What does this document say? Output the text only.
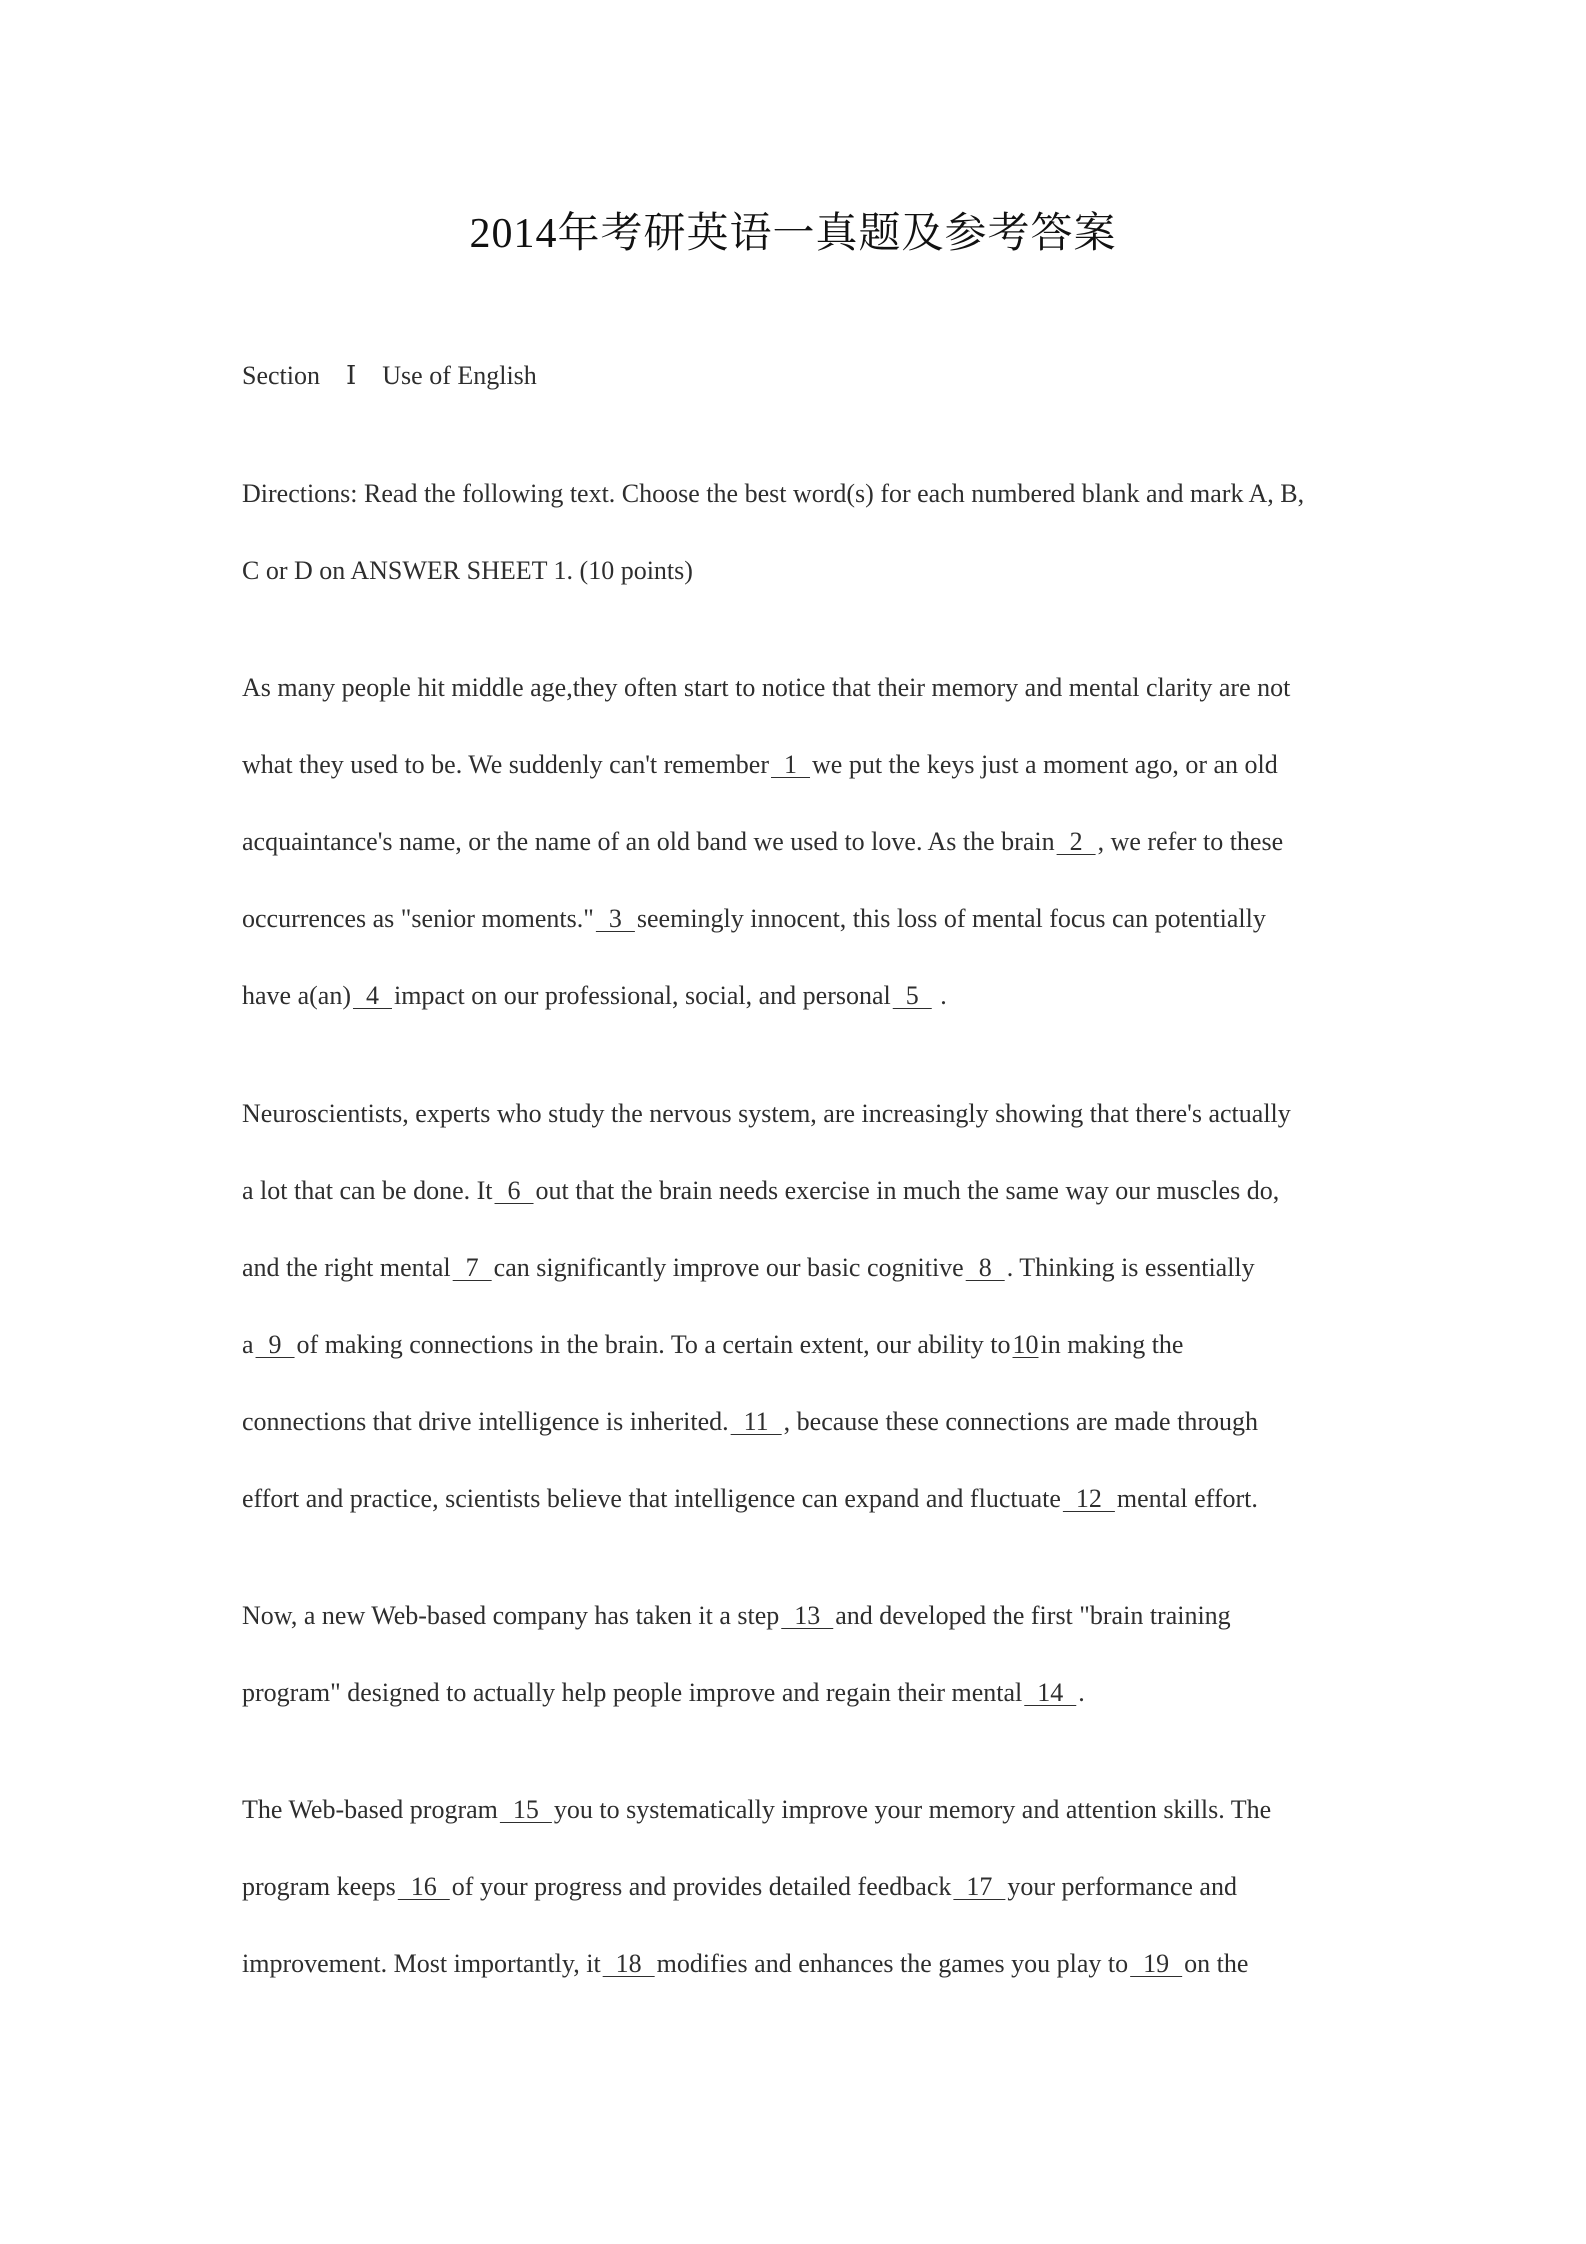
2014年考研英语一真题及参考答案
Section　Ⅰ　Use of English
Directions: Read the following text. Choose the best word(s) for each numbered blank and mark A, B,
C or D on ANSWER SHEET 1. (10 points)
As many people hit middle age,they often start to notice that their memory and mental clarity are not
what they used to be. We suddenly can't remember  1  we put the keys just a moment ago, or an old
acquaintance's name, or the name of an old band we used to love. As the brain  2  , we refer to these
occurrences as "senior moments."  3  seemingly innocent, this loss of mental focus can potentially
have a(an)  4  impact on our professional, social, and personal  5   .
Neuroscientists, experts who study the nervous system, are increasingly showing that there's actually
a lot that can be done. It  6  out that the brain needs exercise in much the same way our muscles do,
and the right mental  7  can significantly improve our basic cognitive  8  . Thinking is essentially
a  9  of making connections in the brain. To a certain extent, our ability to10in making the
connections that drive intelligence is inherited.  11  , because these connections are made through
effort and practice, scientists believe that intelligence can expand and fluctuate  12  mental effort.
Now, a new Web-based company has taken it a step  13  and developed the first "brain training
program" designed to actually help people improve and regain their mental  14  .
The Web-based program  15  you to systematically improve your memory and attention skills. The
program keeps  16  of your progress and provides detailed feedback  17  your performance and
improvement. Most importantly, it  18  modifies and enhances the games you play to  19  on the
